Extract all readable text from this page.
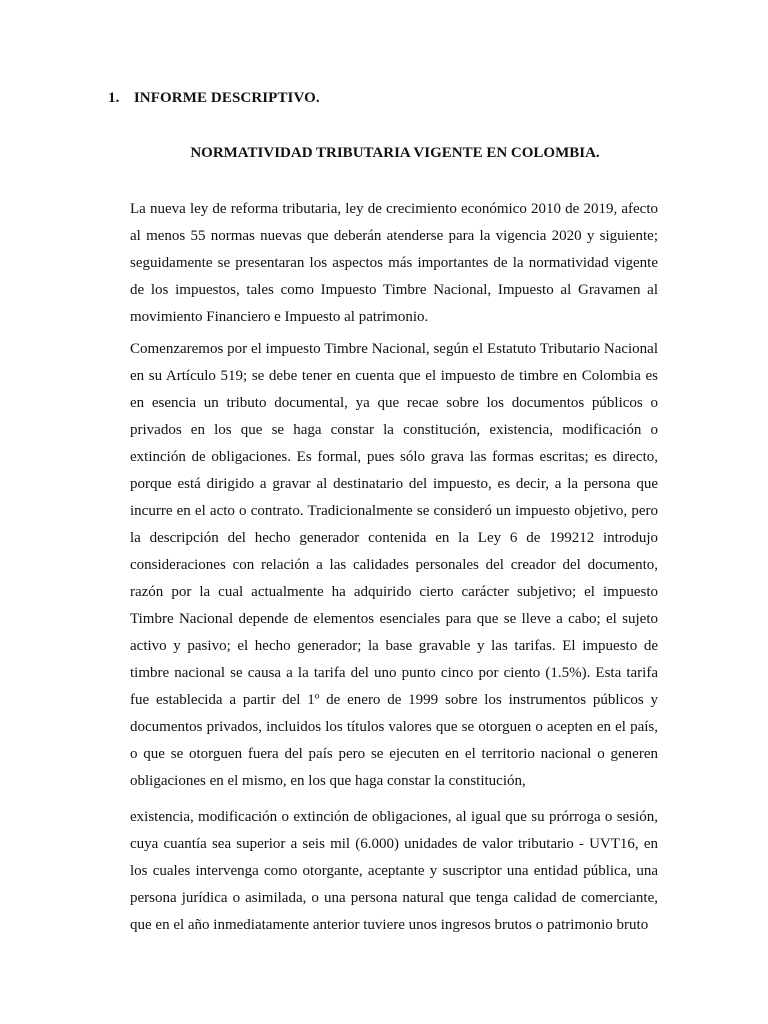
1. INFORME DESCRIPTIVO.
NORMATIVIDAD TRIBUTARIA VIGENTE EN COLOMBIA.

La nueva ley de reforma tributaria, ley de crecimiento económico 2010 de 2019, afecto al menos 55 normas nuevas que deberán atenderse para la vigencia 2020 y siguiente; seguidamente se presentaran los aspectos más importantes de la normatividad vigente de los impuestos, tales como Impuesto Timbre Nacional, Impuesto al Gravamen al movimiento Financiero e Impuesto al patrimonio.

Comenzaremos por el impuesto Timbre Nacional, según el Estatuto Tributario Nacional en su Artículo 519; se debe tener en cuenta que el impuesto de timbre en Colombia es en esencia un tributo documental, ya que recae sobre los documentos públicos o privados en los que se haga constar la constitución, existencia, modificación o extinción de obligaciones. Es formal, pues sólo grava las formas escritas; es directo, porque está dirigido a gravar al destinatario del impuesto, es decir, a la persona que incurre en el acto o contrato. Tradicionalmente se consideró un impuesto objetivo, pero la descripción del hecho generador contenida en la Ley 6 de 199212 introdujo consideraciones con relación a las calidades personales del creador del documento, razón por la cual actualmente ha adquirido cierto carácter subjetivo; el impuesto Timbre Nacional depende de elementos esenciales para que se lleve a cabo; el sujeto activo y pasivo; el hecho generador; la base gravable y las tarifas. El impuesto de timbre nacional se causa a la tarifa del uno punto cinco por ciento (1.5%). Esta tarifa fue establecida a partir del 1º de enero de 1999 sobre los instrumentos públicos y documentos privados, incluidos los títulos valores que se otorguen o acepten en el país, o que se otorguen fuera del país pero se ejecuten en el territorio nacional o generen obligaciones en el mismo, en los que haga constar la constitución,

existencia, modificación o extinción de obligaciones, al igual que su prórroga o sesión, cuya cuantía sea superior a seis mil (6.000) unidades de valor tributario - UVT16, en los cuales intervenga como otorgante, aceptante y suscriptor una entidad pública, una persona jurídica o asimilada, o una persona natural que tenga calidad de comerciante, que en el año inmediatamente anterior tuviere unos ingresos brutos o patrimonio bruto
